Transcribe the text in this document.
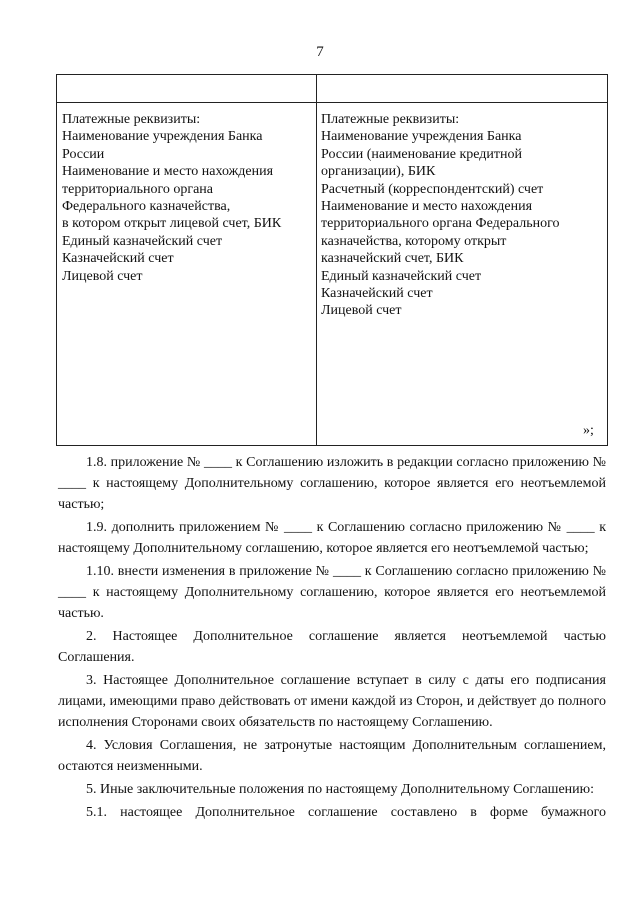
7
Платежные реквизиты:
Наименование учреждения Банка
России
Наименование и место нахождения
территориального органа
Федерального казначейства,
в котором открыт лицевой счет, БИК
Единый казначейский счет
Казначейский счет
Лицевой счет
Платежные реквизиты:
Наименование учреждения Банка
России (наименование кредитной
организации), БИК
Расчетный (корреспондентский) счет
Наименование и место нахождения
территориального органа Федерального
казначейства, которому открыт
казначейский счет, БИК
Единый казначейский счет
Казначейский счет
Лицевой счет
»;

1.8. приложение № ____ к Соглашению изложить в редакции согласно приложению № ____ к настоящему Дополнительному соглашению, которое является его неотъемлемой частью;

1.9. дополнить приложением № ____ к Соглашению согласно приложению № ____ к настоящему Дополнительному соглашению, которое является его неотъемлемой частью;

1.10. внести изменения в приложение № ____ к Соглашению согласно приложению № ____ к настоящему Дополнительному соглашению, которое является его неотъемлемой частью.

2. Настоящее Дополнительное соглашение является неотъемлемой частью Соглашения.

3. Настоящее Дополнительное соглашение вступает в силу с даты его подписания лицами, имеющими право действовать от имени каждой из Сторон, и действует до полного исполнения Сторонами своих обязательств по настоящему Соглашению.

4. Условия Соглашения, не затронутые настоящим Дополнительным соглашением, остаются неизменными.

5. Иные заключительные положения по настоящему Дополнительному Соглашению:

5.1. настоящее Дополнительное соглашение составлено в форме бумажного
